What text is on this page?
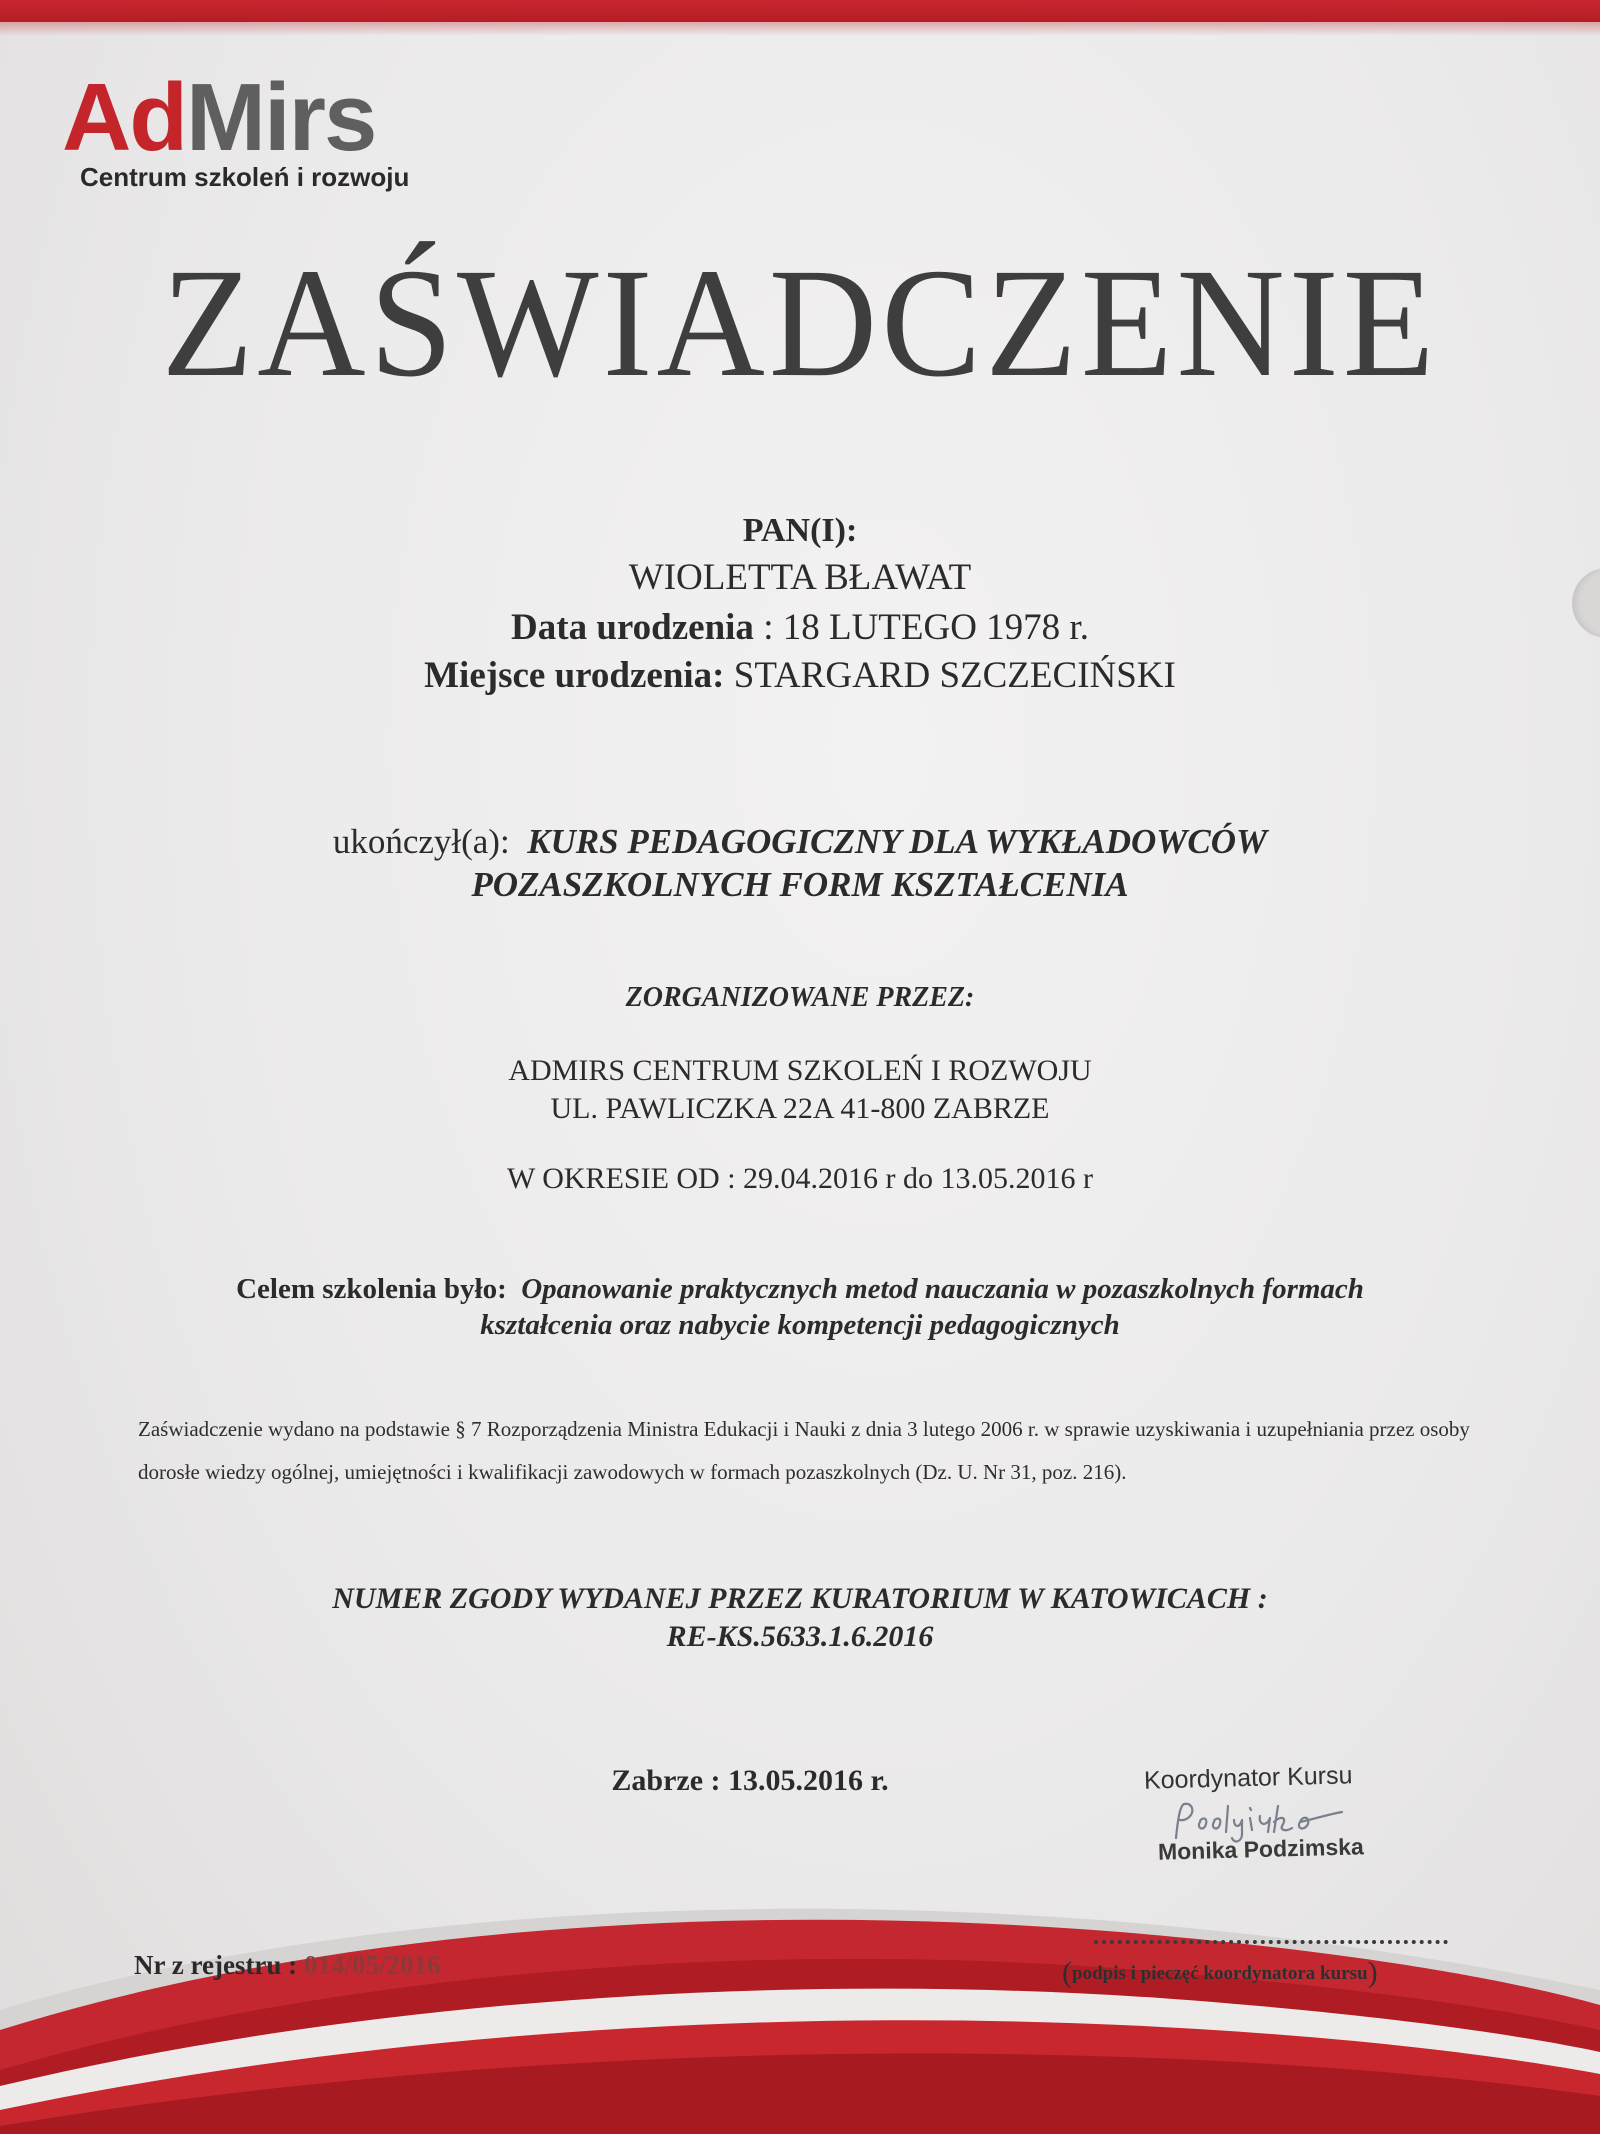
AdMirs
Centrum szkoleń i rozwoju
ZAŚWIADCZENIE
PAN(I):
WIOLETTA BŁAWAT
Data urodzenia : 18 LUTEGO 1978 r.
Miejsce urodzenia: STARGARD SZCZECIŃSKI
ukończył(a): KURS PEDAGOGICZNY DLA WYKŁADOWCÓW
POZASZKOLNYCH FORM KSZTAŁCENIA
ZORGANIZOWANE PRZEZ:
ADMIRS CENTRUM SZKOLEŃ I ROZWOJU
UL. PAWLICZKA 22A 41-800 ZABRZE
W OKRESIE OD : 29.04.2016 r do 13.05.2016 r
Celem szkolenia było: Opanowanie praktycznych metod nauczania w pozaszkolnych formach
kształcenia oraz nabycie kompetencji pedagogicznych
Zaświadczenie wydano na podstawie § 7 Rozporządzenia Ministra Edukacji i Nauki z dnia 3 lutego 2006 r. w sprawie uzyskiwania i uzupełniania przez osoby dorosłe wiedzy ogólnej, umiejętności i kwalifikacji zawodowych w formach pozaszkolnych (Dz. U. Nr 31, poz. 216).
NUMER ZGODY WYDANEJ PRZEZ KURATORIUM W KATOWICACH :
RE-KS.5633.1.6.2016
Zabrze : 13.05.2016 r.	Koordynator Kursu
Monika Podzimska
Nr z rejestru : 014/05/2016	(podpis i pieczęć koordynatora kursu)
